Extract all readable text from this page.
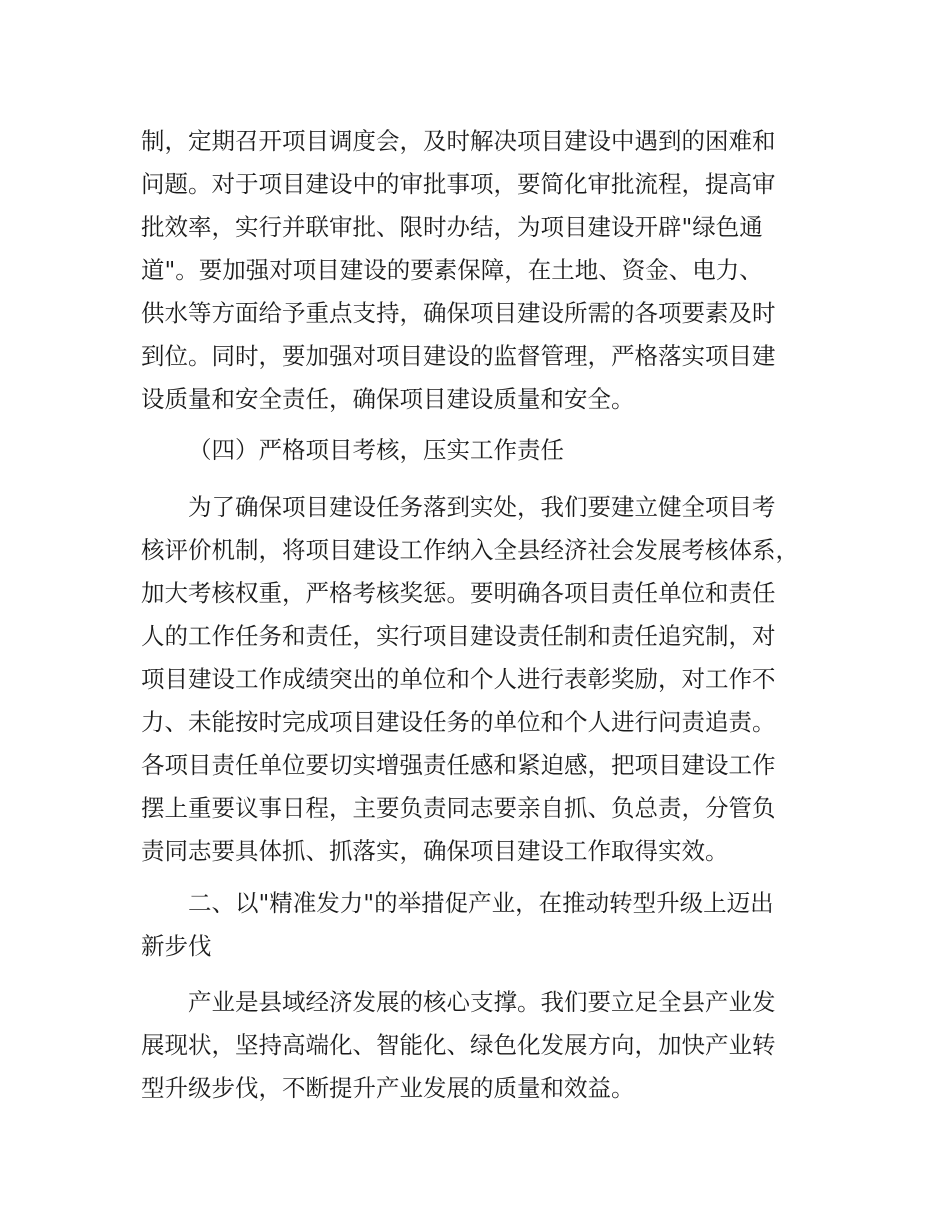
制，定期召开项目调度会，及时解决项目建设中遇到的困难和
问题。对于项目建设中的审批事项，要简化审批流程，提高审
批效率，实行并联审批、限时办结，为项目建设开辟"绿色通
道"。要加强对项目建设的要素保障，在土地、资金、电力、
供水等方面给予重点支持，确保项目建设所需的各项要素及时
到位。同时，要加强对项目建设的监督管理，严格落实项目建
设质量和安全责任，确保项目建设质量和安全。
（四）严格项目考核，压实工作责任
为了确保项目建设任务落到实处，我们要建立健全项目考
核评价机制，将项目建设工作纳入全县经济社会发展考核体系，
加大考核权重，严格考核奖惩。要明确各项目责任单位和责任
人的工作任务和责任，实行项目建设责任制和责任追究制，对
项目建设工作成绩突出的单位和个人进行表彰奖励，对工作不
力、未能按时完成项目建设任务的单位和个人进行问责追责。
各项目责任单位要切实增强责任感和紧迫感，把项目建设工作
摆上重要议事日程，主要负责同志要亲自抓、负总责，分管负
责同志要具体抓、抓落实，确保项目建设工作取得实效。
二、以"精准发力"的举措促产业，在推动转型升级上迈出
新步伐
产业是县域经济发展的核心支撑。我们要立足全县产业发
展现状，坚持高端化、智能化、绿色化发展方向，加快产业转
型升级步伐，不断提升产业发展的质量和效益。
